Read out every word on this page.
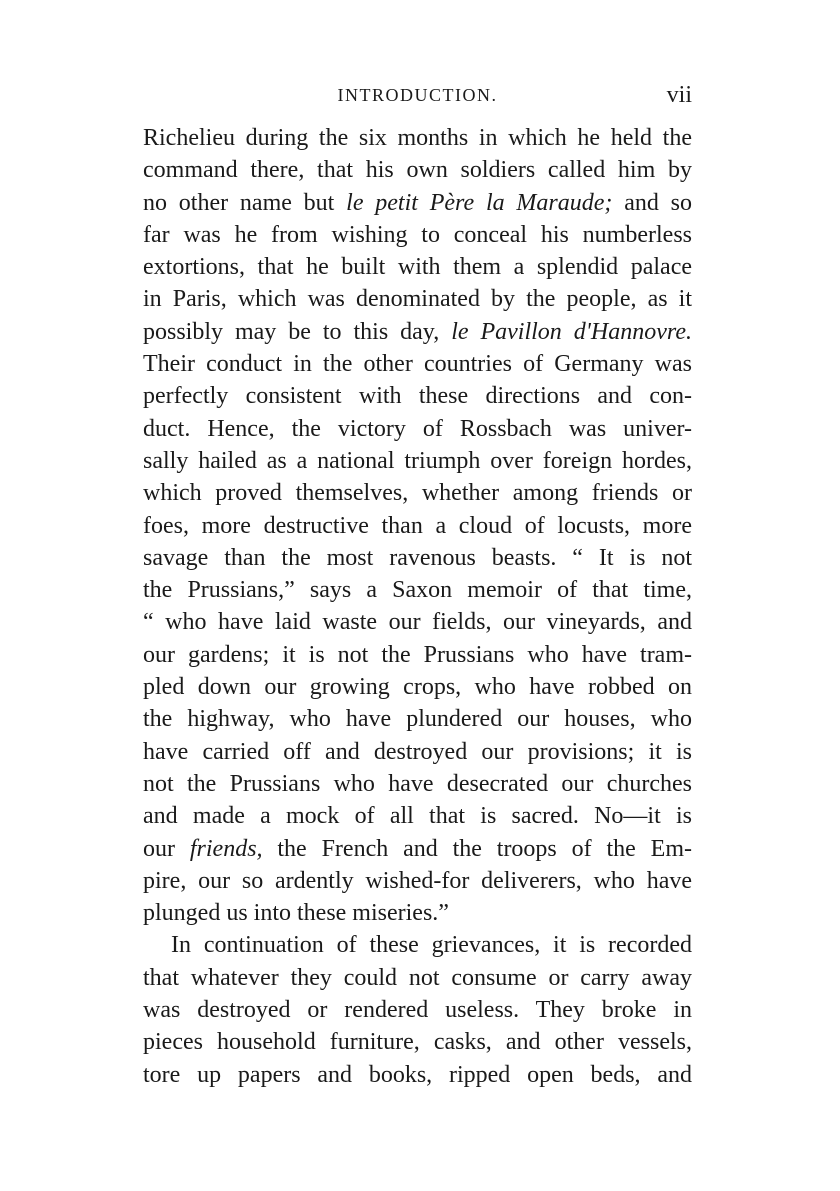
INTRODUCTION.	vii
Richelieu during the six months in which he held the
command there, that his own soldiers called him by
no other name but le petit Père la Maraude; and so
far was he from wishing to conceal his numberless
extortions, that he built with them a splendid palace
in Paris, which was denominated by the people, as it
possibly may be to this day, le Pavillon d'Hannovre.
Their conduct in the other countries of Germany was
perfectly consistent with these directions and con-
duct. Hence, the victory of Rossbach was univer-
sally hailed as a national triumph over foreign hordes,
which proved themselves, whether among friends or
foes, more destructive than a cloud of locusts, more
savage than the most ravenous beasts. “ It is not
the Prussians,” says a Saxon memoir of that time,
“ who have laid waste our fields, our vineyards, and
our gardens; it is not the Prussians who have tram-
pled down our growing crops, who have robbed on
the highway, who have plundered our houses, who
have carried off and destroyed our provisions; it is
not the Prussians who have desecrated our churches
and made a mock of all that is sacred. No—it is
our friends, the French and the troops of the Em-
pire, our so ardently wished-for deliverers, who have
plunged us into these miseries.”
In continuation of these grievances, it is recorded
that whatever they could not consume or carry away
was destroyed or rendered useless. They broke in
pieces household furniture, casks, and other vessels,
tore up papers and books, ripped open beds, and
